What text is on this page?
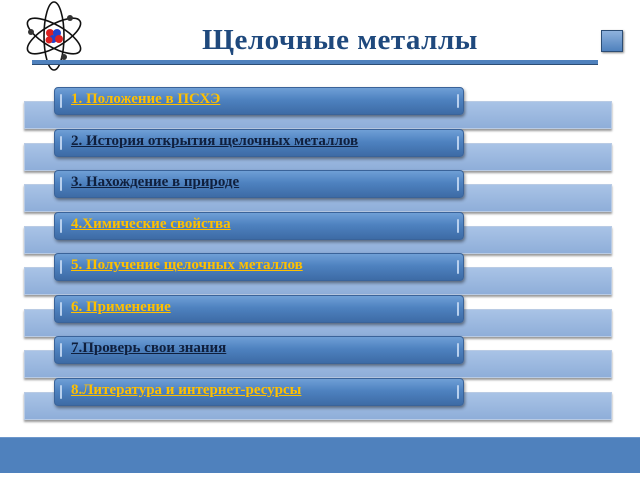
Щелочные металлы
1. Положение в ПСХЭ
2. История открытия щелочных металлов
3. Нахождение в природе
4.Химические свойства
5. Получение щелочных металлов
6. Применение
7.Проверь свои знания
8.Литература и интернет-ресурсы
